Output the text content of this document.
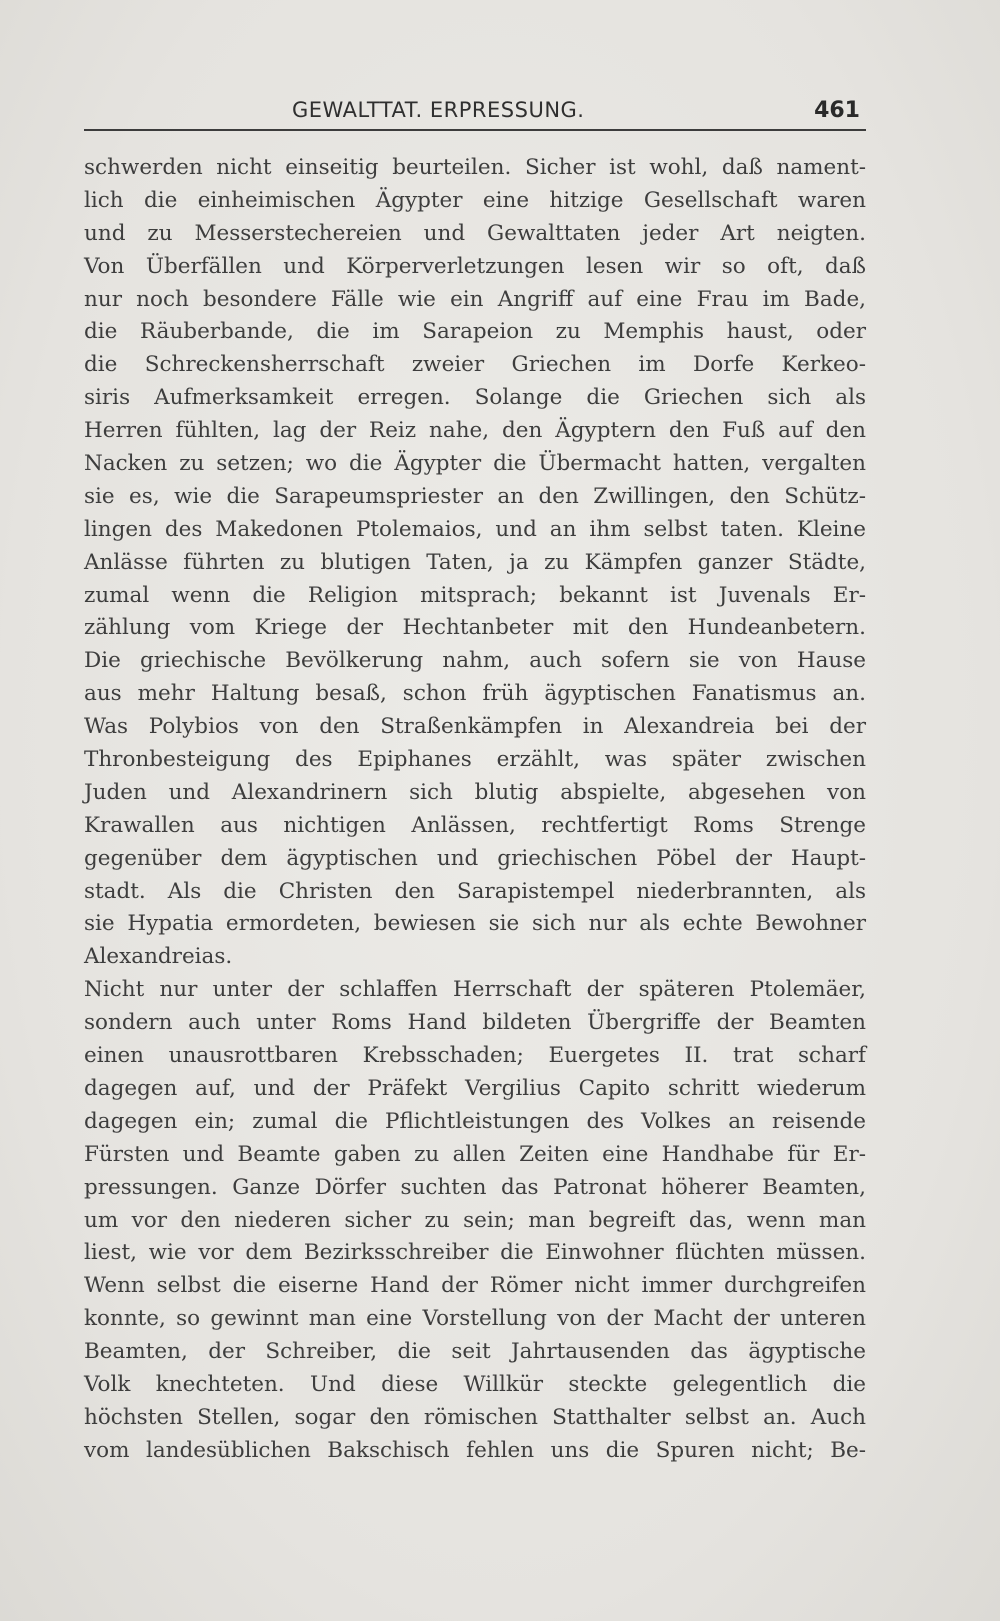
GEWALTTAT. ERPRESSUNG.	461
schwerden nicht einseitig beurteilen. Sicher ist wohl, daß nament-
lich die einheimischen Ägypter eine hitzige Gesellschaft waren
und zu Messerstechereien und Gewalttaten jeder Art neigten.
Von Überfällen und Körperverletzungen lesen wir so oft, daß
nur noch besondere Fälle wie ein Angriff auf eine Frau im Bade,
die Räuberbande, die im Sarapeion zu Memphis haust, oder
die Schreckensherrschaft zweier Griechen im Dorfe Kerkeo-
siris Aufmerksamkeit erregen. Solange die Griechen sich als
Herren fühlten, lag der Reiz nahe, den Ägyptern den Fuß auf den
Nacken zu setzen; wo die Ägypter die Übermacht hatten, vergalten
sie es, wie die Sarapeumspriester an den Zwillingen, den Schütz-
lingen des Makedonen Ptolemaios, und an ihm selbst taten. Kleine
Anlässe führten zu blutigen Taten, ja zu Kämpfen ganzer Städte,
zumal wenn die Religion mitsprach; bekannt ist Juvenals Er-
zählung vom Kriege der Hechtanbeter mit den Hundeanbetern.
Die griechische Bevölkerung nahm, auch sofern sie von Hause
aus mehr Haltung besaß, schon früh ägyptischen Fanatismus an.
Was Polybios von den Straßenkämpfen in Alexandreia bei der
Thronbesteigung des Epiphanes erzählt, was später zwischen
Juden und Alexandrinern sich blutig abspielte, abgesehen von
Krawallen aus nichtigen Anlässen, rechtfertigt Roms Strenge
gegenüber dem ägyptischen und griechischen Pöbel der Haupt-
stadt. Als die Christen den Sarapistempel niederbrannten, als
sie Hypatia ermordeten, bewiesen sie sich nur als echte Bewohner
Alexandreias.
Nicht nur unter der schlaffen Herrschaft der späteren Ptolemäer,
sondern auch unter Roms Hand bildeten Übergriffe der Beamten
einen unausrottbaren Krebsschaden; Euergetes II. trat scharf
dagegen auf, und der Präfekt Vergilius Capito schritt wiederum
dagegen ein; zumal die Pflichtleistungen des Volkes an reisende
Fürsten und Beamte gaben zu allen Zeiten eine Handhabe für Er-
pressungen. Ganze Dörfer suchten das Patronat höherer Beamten,
um vor den niederen sicher zu sein; man begreift das, wenn man
liest, wie vor dem Bezirksschreiber die Einwohner flüchten müssen.
Wenn selbst die eiserne Hand der Römer nicht immer durchgreifen
konnte, so gewinnt man eine Vorstellung von der Macht der unteren
Beamten, der Schreiber, die seit Jahrtausenden das ägyptische
Volk knechteten. Und diese Willkür steckte gelegentlich die
höchsten Stellen, sogar den römischen Statthalter selbst an. Auch
vom landesüblichen Bakschisch fehlen uns die Spuren nicht; Be-
